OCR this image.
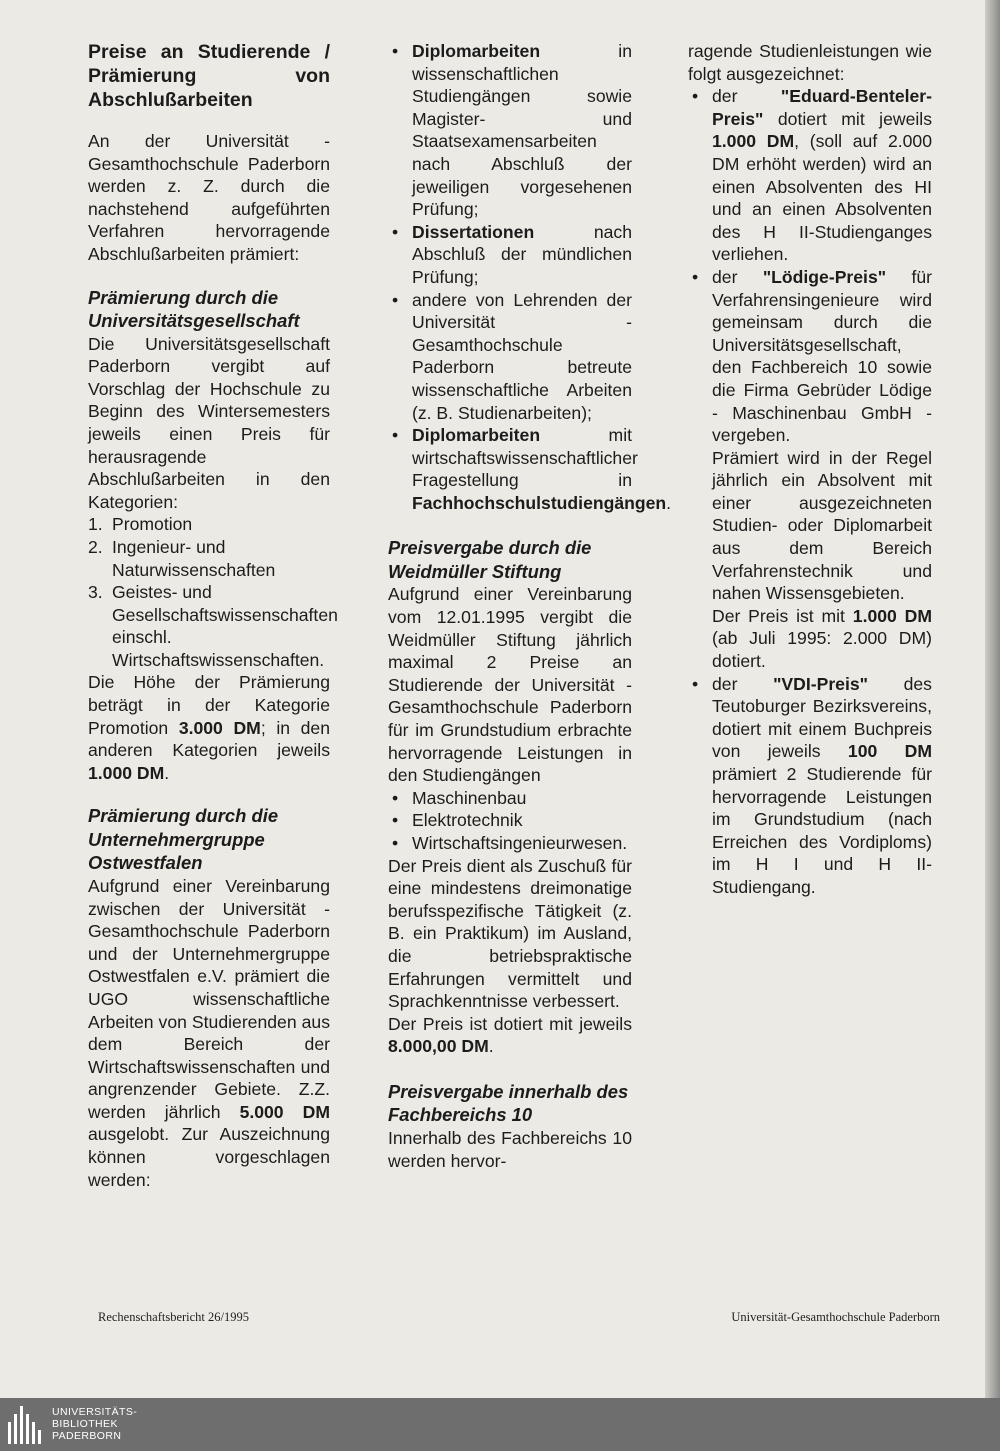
Preise an Studierende / Prämierung von Abschlußarbeiten

An der Universität - Gesamthochschule Paderborn werden z. Z. durch die nachstehend aufgeführten Verfahren hervorragende Abschlußarbeiten prämiert:

Prämierung durch die Universitätsgesellschaft

Die Universitätsgesellschaft Paderborn vergibt auf Vorschlag der Hochschule zu Beginn des Wintersemesters jeweils einen Preis für herausragende Abschlußarbeiten in den Kategorien:

1. Promotion
2. Ingenieur- und Naturwissenschaften
3. Geistes- und Gesellschaftswissenschaften einschl. Wirtschaftswissenschaften.

Die Höhe der Prämierung beträgt in der Kategorie Promotion 3.000 DM; in den anderen Kategorien jeweils 1.000 DM.

Prämierung durch die Unternehmergruppe Ostwestfalen

Aufgrund einer Vereinbarung zwischen der Universität - Gesamthochschule Paderborn und der Unternehmergruppe Ostwestfalen e.V. prämiert die UGO wissenschaftliche Arbeiten von Studierenden aus dem Bereich der Wirtschaftswissenschaften und angrenzender Gebiete. Z.Z. werden jährlich 5.000 DM ausgelobt. Zur Auszeichnung können vorgeschlagen werden:

• Diplomarbeiten in wissenschaftlichen Studiengängen sowie Magister- und Staatsexamensarbeiten nach Abschluß der jeweiligen vorgesehenen Prüfung;
• Dissertationen nach Abschluß der mündlichen Prüfung;
• andere von Lehrenden der Universität - Gesamthochschule Paderborn betreute wissenschaftliche Arbeiten (z. B. Studienarbeiten);
• Diplomarbeiten mit wirtschaftswissenschaftlicher Fragestellung in Fachhochschulstudiengängen.

Preisvergabe durch die Weidmüller Stiftung

Aufgrund einer Vereinbarung vom 12.01.1995 vergibt die Weidmüller Stiftung jährlich maximal 2 Preise an Studierende der Universität - Gesamthochschule Paderborn für im Grundstudium erbrachte hervorragende Leistungen in den Studiengängen

• Maschinenbau
• Elektrotechnik
• Wirtschaftsingenieurwesen.

Der Preis dient als Zuschuß für eine mindestens dreimonatige berufsspezifische Tätigkeit (z. B. ein Praktikum) im Ausland, die betriebspraktische Erfahrungen vermittelt und Sprachkenntnisse verbessert.

Der Preis ist dotiert mit jeweils 8.000,00 DM.

Preisvergabe innerhalb des Fachbereichs 10

Innerhalb des Fachbereichs 10 werden hervor-

ragende Studienleistungen wie folgt ausgezeichnet:

• der "Eduard-Benteler-Preis" dotiert mit jeweils 1.000 DM, (soll auf 2.000 DM erhöht werden) wird an einen Absolventen des HI und an einen Absolventen des H II-Studienganges verliehen.
• der "Lödige-Preis" für Verfahrensingenieure wird gemeinsam durch die Universitätsgesellschaft, den Fachbereich 10 sowie die Firma Gebrüder Lödige - Maschinenbau GmbH - vergeben.
Prämiert wird in der Regel jährlich ein Absolvent mit einer ausgezeichneten Studien- oder Diplomarbeit aus dem Bereich Verfahrenstechnik und nahen Wissensgebieten.
Der Preis ist mit 1.000 DM (ab Juli 1995: 2.000 DM) dotiert.
• der "VDI-Preis" des Teutoburger Bezirksvereins, dotiert mit einem Buchpreis von jeweils 100 DM prämiert 2 Studierende für hervorragende Leistungen im Grundstudium (nach Erreichen des Vordiploms) im H I und H II-Studiengang.
Rechenschaftsbericht 26/1995	Universität-Gesamthochschule Paderborn
UNIVERSITÄTS-
BIBLIOTHEK
PADERBORN
